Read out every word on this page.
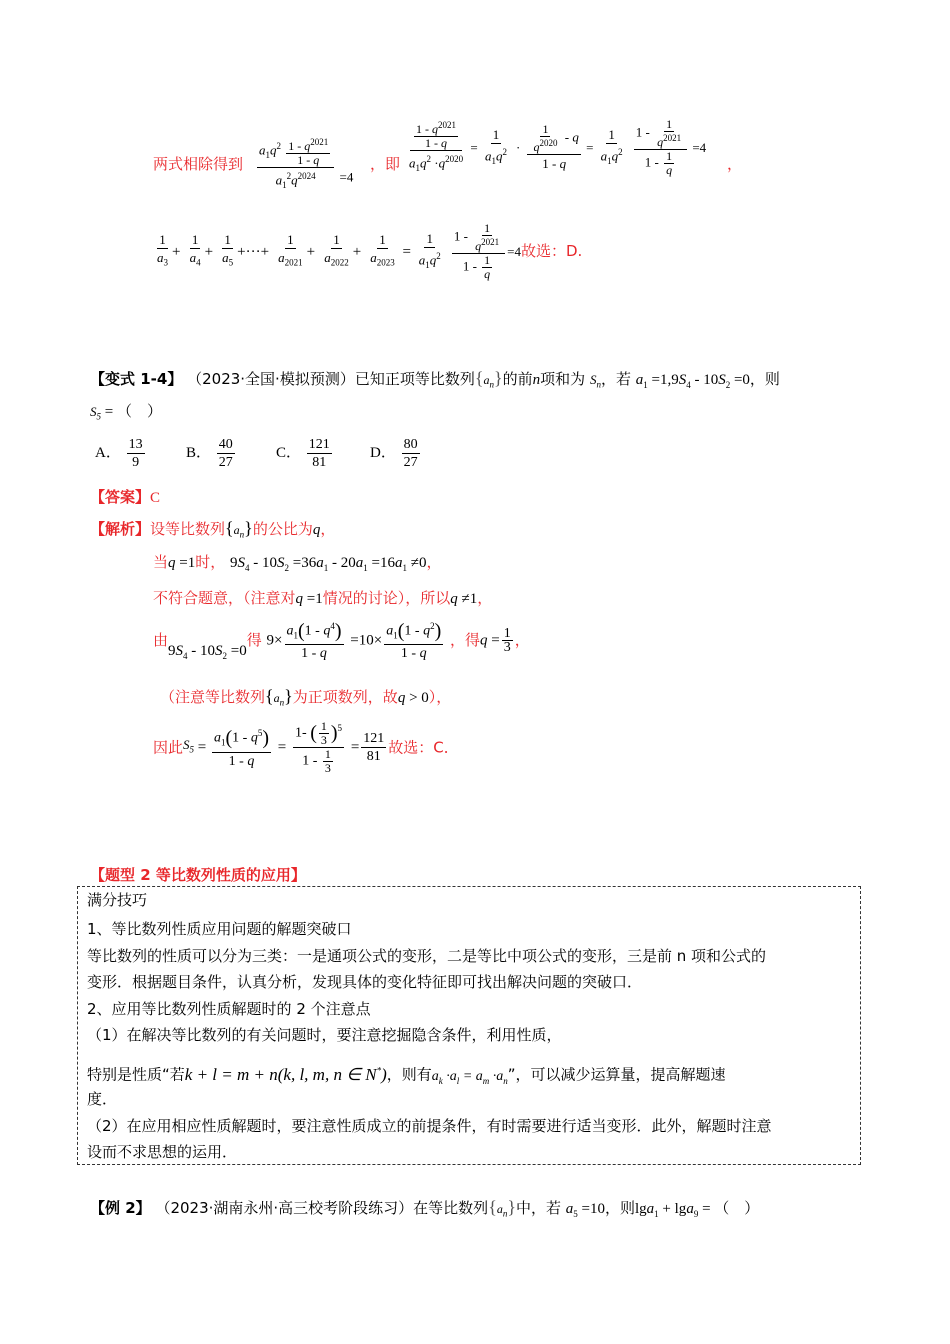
两式相除得到 $\frac{a_1q^2 \frac{1 - q^{2021}}{1 - q}}{a_1^2q^{2024}} _{=4}$
，即 $\frac{\frac{1 - q^{2021}}{1 - q}}{a_1q^2 \cdot q^{2020}} = \frac{1}{a_1q^2} \cdot \frac{\frac{1}{q^{2020}} - q}{1 - q} = \frac{1}{a_1q^2}$
$\frac{1 - \frac{1}{q^{2021}}}{1 - \frac{1}{q}} =4$
，
$\frac{1}{a_3} + \frac{1}{a_4} + \frac{1}{a_5}$ +···+ $\frac{1}{a_{2021}} + \frac{1}{a_{2022}} + \frac{1}{a_{2023}} = \frac{1}{a_1q^2}$
$\frac{1 - \frac{1}{q^{2021}}}{1 - \frac{1}{q}} =4$故选：D.
【变式 1-4】 （2023·全国·模拟预测）已知正项等比数列$\{a_n\}$的前n项和为 $S_n$，若 $a_1 =1,9S_4 - 10S_2 =0$，则
$S_5$ = （　）
A． $\frac{13}{9}$	B． $\frac{40}{27}$	C． $\frac{121}{81}$	D． $\frac{80}{27}$
【答案】C
【解析】设等比数列$\{a_n\}$的公比为q，
当q =1时， $9S_4 - 10S_2 =36a_1 - 20a_1 =16a_1 \ne 0$，
不符合题意，（注意对q =1情况的讨论），所以q ≠1，
由$9S_4 - 10S_2 =0$得 $9\times \frac{a_1(1 - q^4)}{1 - q} =10\times \frac{a_1(1 - q^2)}{1 - q}$ ，得$q = \frac{1}{3}$ ，
（注意等比数列$\{a_n\}$为正项数列，故q > 0），
因此$S_5 = \frac{a_1(1 - q^5)}{1 - q} = \frac{1- ( \frac{1}{3} )^5}{1 - \frac{1}{3}} = \frac{121}{81}$ 故选：C．
【题型 2 等比数列性质的应用】
满分技巧
1、等比数列性质应用问题的解题突破口
等比数列的性质可以分为三类：一是通项公式的变形，二是等比中项公式的变形，三是前 n 项和公式的
变形．根据题目条件，认真分析，发现具体的变化特征即可找出解决问题的突破口．
2、应用等比数列性质解题时的 2 个注意点
（1）在解决等比数列的有关问题时，要注意挖掘隐含条件，利用性质，
特别是性质“若k + l = m + n(k, l, m, n ∈ N*)，则有$a_k \cdot a_l = a_m \cdot a_n$”，可以减少运算量，提高解题速
度．
（2）在应用相应性质解题时，要注意性质成立的前提条件，有时需要进行适当变形．此外，解题时注意
设而不求思想的运用．
【例 2】 （2023·湖南永州·高三校考阶段练习）在等比数列$\{a_n\}$中，若 $a_5 =10$，则lga$_1$ + lga$_9$ = （　）
